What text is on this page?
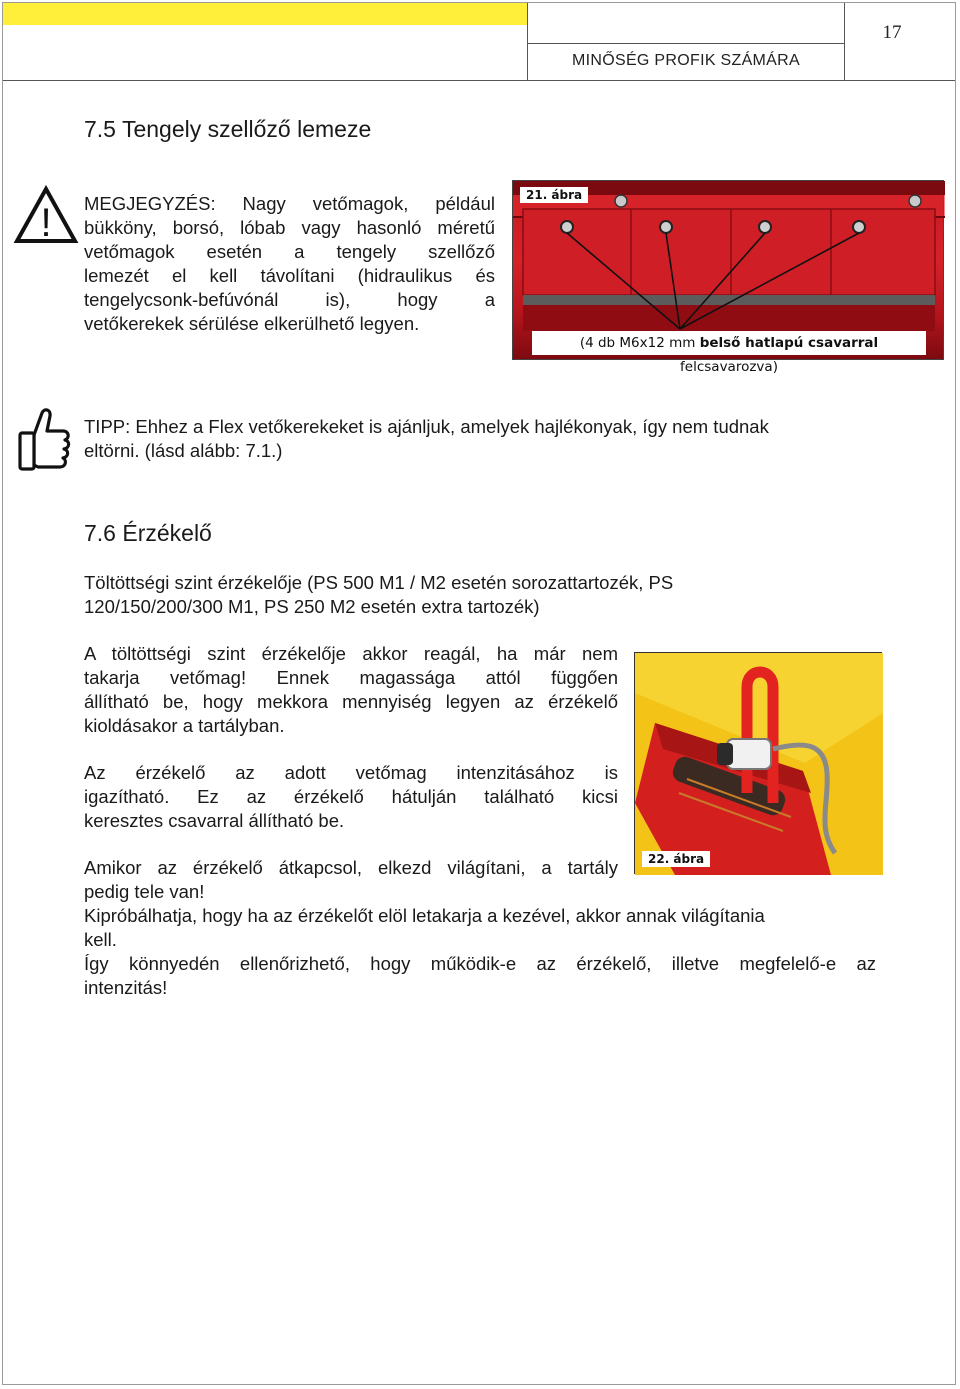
MINŐSÉG PROFIK SZÁMÁRA
17
7.5 Tengely szellőző lemeze
! MEGJEGYZÉS: Nagy vetőmagok, például
bükköny, borsó, lóbab vagy hasonló méretű
vetőmagok esetén a tengely szellőző
lemezét el kell távolítani (hidraulikus és
tengelycsonk-befúvónál is), hogy a
vetőkerekek sérülése elkerülhető legyen.
21. ábra
(4 db M6x12 mm belső hatlapú csavarral felcsavarozva)
TIPP: Ehhez a Flex vetőkerekeket is ajánljuk, amelyek hajlékonyak, így nem tudnak
eltörni. (lásd alább: 7.1.)
7.6 Érzékelő
Töltöttségi szint érzékelője (PS 500 M1 / M2 esetén sorozattartozék, PS
120/150/200/300 M1, PS 250 M2 esetén extra tartozék)
A töltöttségi szint érzékelője akkor reagál, ha már nem
takarja vetőmag! Ennek magassága attól függően
állítható be, hogy mekkora mennyiség legyen az érzékelő
kioldásakor a tartályban.
Az érzékelő az adott vetőmag intenzitásához is
igazítható. Ez az érzékelő hátulján található kicsi
keresztes csavarral állítható be.
Amikor az érzékelő átkapcsol, elkezd világítani, a tartály
pedig tele van!
Kipróbálhatja, hogy ha az érzékelőt elöl letakarja a kezével, akkor annak világítania
kell.
Így könnyedén ellenőrizhető, hogy működik-e az érzékelő, illetve megfelelő-e az
intenzitás!
22. ábra
